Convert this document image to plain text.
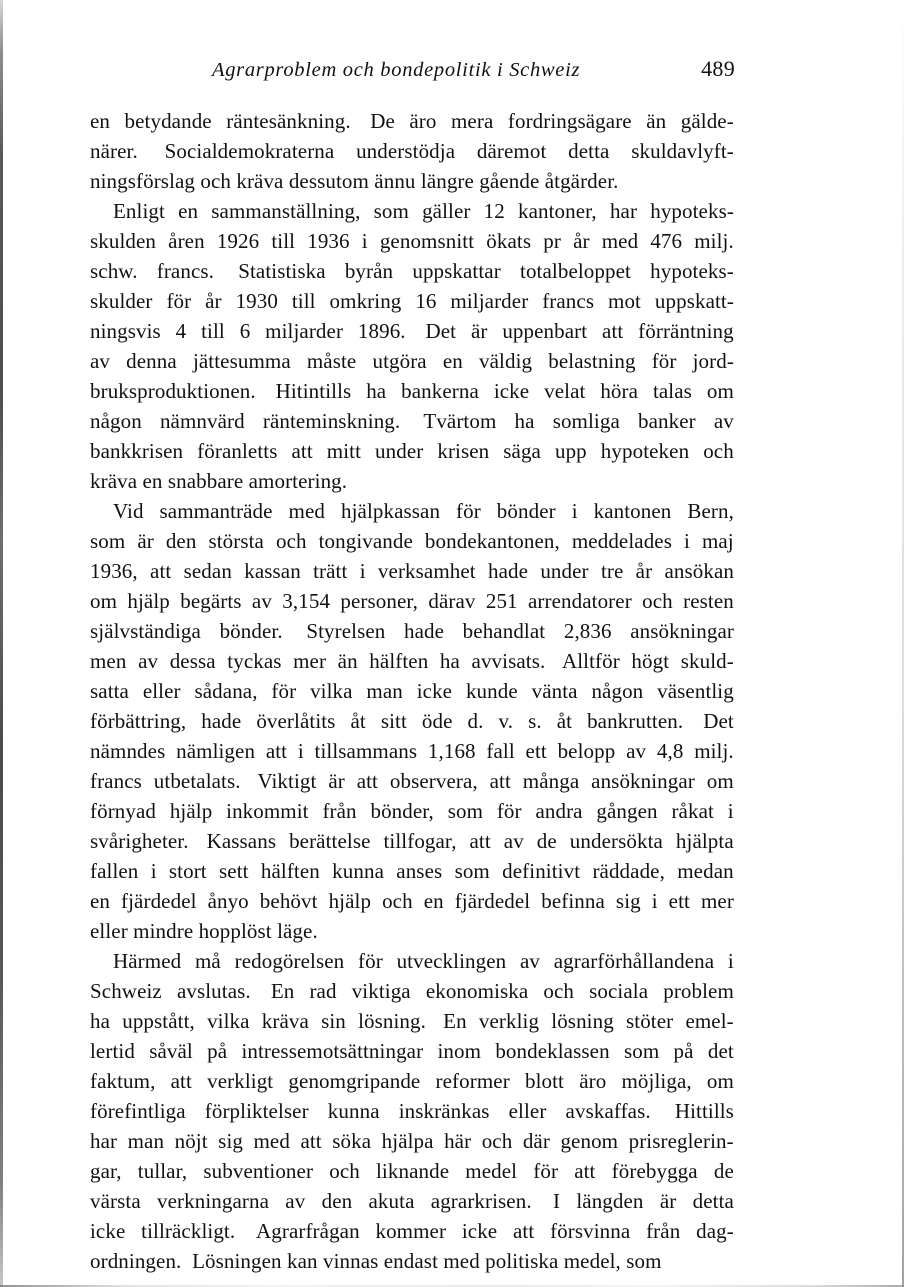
Agrarproblem och bondepolitik i Schweiz	489
en betydande räntesänkning. De äro mera fordringsägare än gälde-
närer. Socialdemokraterna understödja däremot detta skuldavlyft-
ningsförslag och kräva dessutom ännu längre gående åtgärder.
Enligt en sammanställning, som gäller 12 kantoner, har hypoteks-
skulden åren 1926 till 1936 i genomsnitt ökats pr år med 476 milj.
schw. francs. Statistiska byrån uppskattar totalbeloppet hypoteks-
skulder för år 1930 till omkring 16 miljarder francs mot uppskatt-
ningsvis 4 till 6 miljarder 1896. Det är uppenbart att förräntning
av denna jättesumma måste utgöra en väldig belastning för jord-
bruksproduktionen. Hitintills ha bankerna icke velat höra talas om
någon nämnvärd ränteminskning. Tvärtom ha somliga banker av
bankkrisen föranletts att mitt under krisen säga upp hypoteken och
kräva en snabbare amortering.
Vid sammanträde med hjälpkassan för bönder i kantonen Bern,
som är den största och tongivande bondekantonen, meddelades i maj
1936, att sedan kassan trätt i verksamhet hade under tre år ansökan
om hjälp begärts av 3,154 personer, därav 251 arrendatorer och resten
självständiga bönder. Styrelsen hade behandlat 2,836 ansökningar
men av dessa tyckas mer än hälften ha avvisats. Alltför högt skuld-
satta eller sådana, för vilka man icke kunde vänta någon väsentlig
förbättring, hade överlåtits åt sitt öde d. v. s. åt bankrutten. Det
nämndes nämligen att i tillsammans 1,168 fall ett belopp av 4,8 milj.
francs utbetalats. Viktigt är att observera, att många ansökningar om
förnyad hjälp inkommit från bönder, som för andra gången råkat i
svårigheter. Kassans berättelse tillfogar, att av de undersökta hjälpta
fallen i stort sett hälften kunna anses som definitivt räddade, medan
en fjärdedel ånyo behövt hjälp och en fjärdedel befinna sig i ett mer
eller mindre hopplöst läge.
Härmed må redogörelsen för utvecklingen av agrarförhållandena i
Schweiz avslutas. En rad viktiga ekonomiska och sociala problem
ha uppstått, vilka kräva sin lösning. En verklig lösning stöter emel-
lertid såväl på intressemotsättningar inom bondeklassen som på det
faktum, att verkligt genomgripande reformer blott äro möjliga, om
förefintliga förpliktelser kunna inskränkas eller avskaffas. Hittills
har man nöjt sig med att söka hjälpa här och där genom prisreglerin-
gar, tullar, subventioner och liknande medel för att förebygga de
värsta verkningarna av den akuta agrarkrisen. I längden är detta
icke tillräckligt. Agrarfrågan kommer icke att försvinna från dag-
ordningen.  Lösningen kan vinnas endast med politiska medel, som
